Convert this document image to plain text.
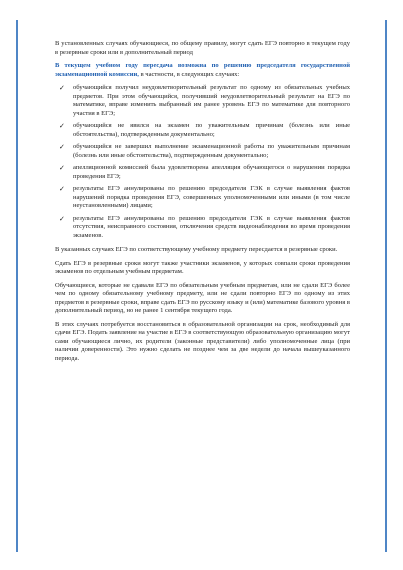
В установленных случаях обучающиеся, по общему правилу, могут сдать ЕГЭ повторно в текущем году в резервные сроки или в дополнительный период

В текущем учебном году пересдача возможна по решению председателя государственной экзаменационной комиссии, в частности, в следующих случаях:

✓ обучающийся получил неудовлетворительный результат по одному из обязательных учебных предметов. При этом обучающийся, получивший неудовлетворительный результат на ЕГЭ по математике, вправе изменить выбранный им ранее уровень ЕГЭ по математике для повторного участия в ЕГЭ;
✓ обучающийся не явился на экзамен по уважительным причинам (болезнь или иные обстоятельства), подтвержденным документально;
✓ обучающийся не завершил выполнение экзаменационной работы по уважительным причинам (болезнь или иные обстоятельства), подтвержденным документально;
✓ апелляционной комиссией была удовлетворена апелляция обучающегося о нарушении порядка проведения ЕГЭ;
✓ результаты ЕГЭ аннулированы по решению председателя ГЭК в случае выявления фактов нарушений порядка проведения ЕГЭ, совершенных уполномоченными или иными (в том числе неустановленными) лицами;
✓ результаты ЕГЭ аннулированы по решению председателя ГЭК в случае выявления фактов отсутствия, неисправного состояния, отключения средств видеонаблюдения во время проведения экзаменов.

В указанных случаях ЕГЭ по соответствующему учебному предмету пересдается в резервные сроки.

Сдать ЕГЭ в резервные сроки могут также участники экзаменов, у которых совпали сроки проведения экзаменов по отдельным учебным предметам.

Обучающиеся, которые не сдавали ЕГЭ по обязательным учебным предметам, или не сдали ЕГЭ более чем по одному обязательному учебному предмету, или не сдали повторно ЕГЭ по одному из этих предметов в резервные сроки, вправе сдать ЕГЭ по русскому языку и (или) математике базового уровня в дополнительный период, но не ранее 1 сентября текущего года.

В этих случаях потребуется восстановиться в образовательной организации на срок, необходимый для сдачи ЕГЭ. Подать заявление на участие в ЕГЭ в соответствующую образовательную организацию могут сами обучающиеся лично, их родители (законные представители) либо уполномоченные лица (при наличии доверенности). Это нужно сделать не позднее чем за две недели до начала вышеуказанного периода.
